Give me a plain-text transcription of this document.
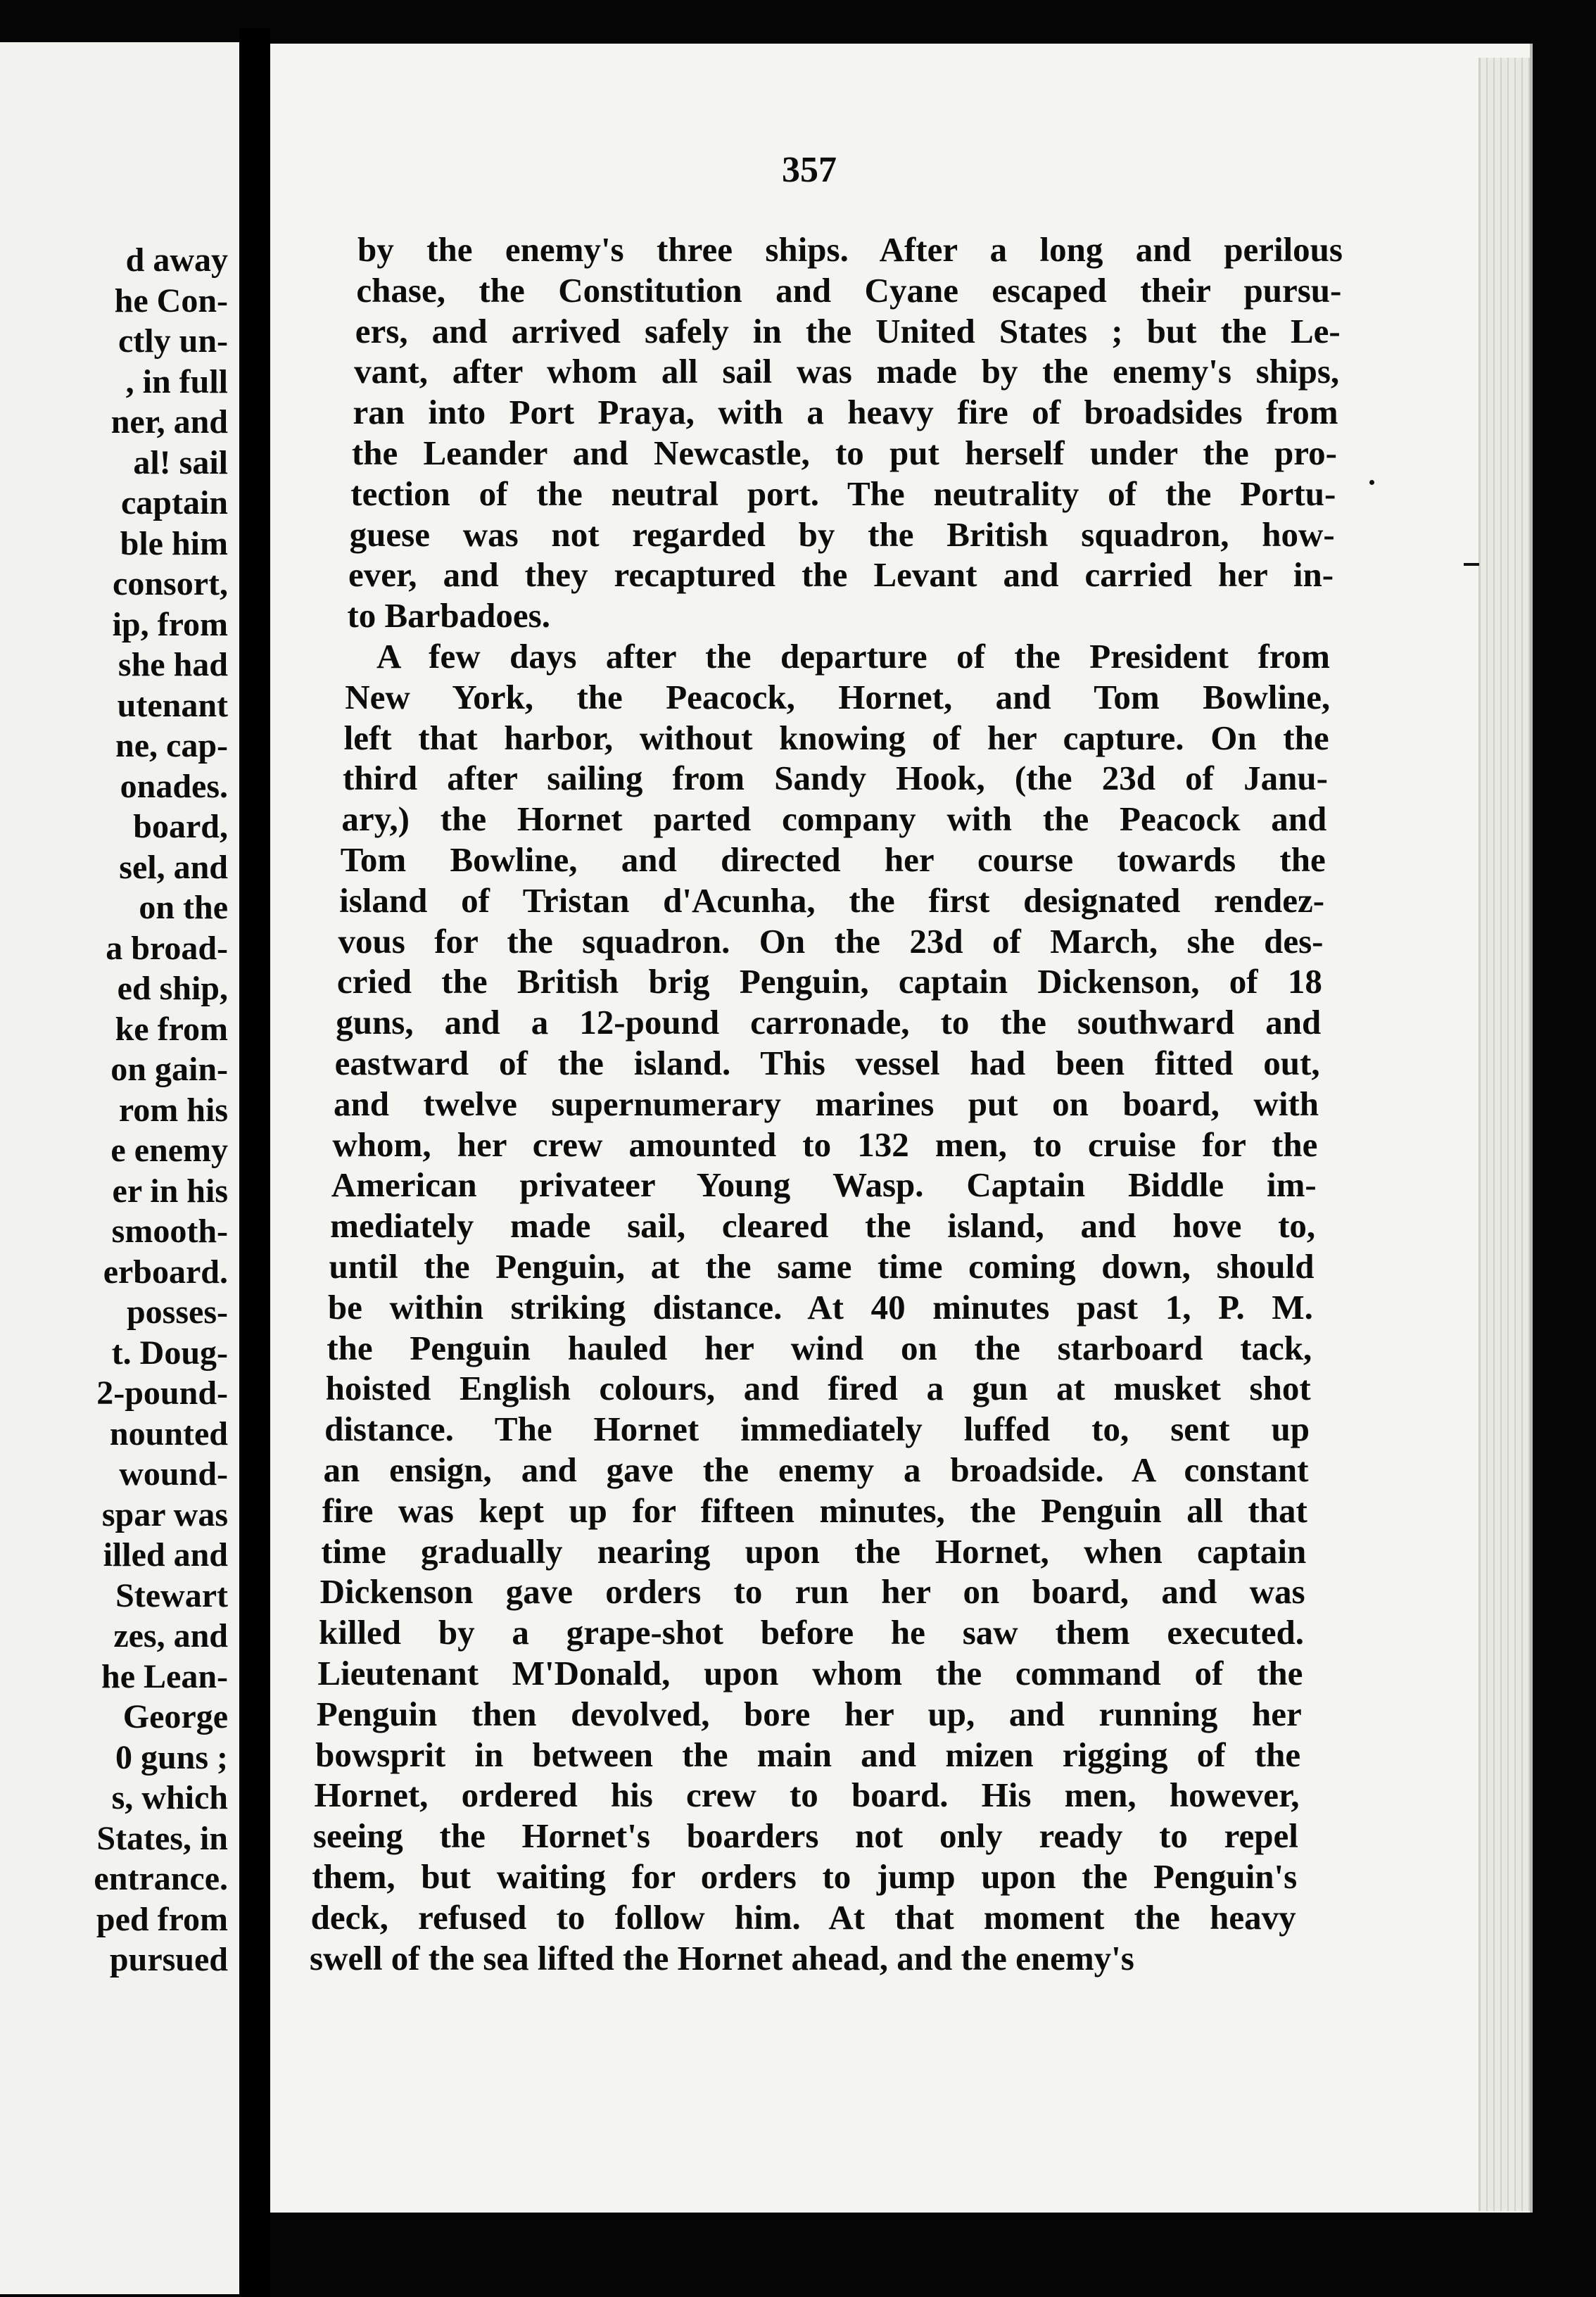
d away
he Con-
ctly un-
, in full
ner, and
al! sail
captain
ble him
consort,
ip, from
she had
utenant
ne, cap-
onades.
board,
sel, and
on the
a broad-
ed ship,
ke from
on gain-
rom his
e enemy
er in his
smooth-
erboard.
posses-
t. Doug-
2-pound-
nounted
wound-
spar was
illed and
Stewart
zes, and
he Lean-
George
0 guns ;
s, which
States, in
entrance.
ped from
pursued
357
by the enemy's three ships. After a long and perilous
chase, the Constitution and Cyane escaped their pursu-
ers, and arrived safely in the United States ; but the Le-
vant, after whom all sail was made by the enemy's ships,
ran into Port Praya, with a heavy fire of broadsides from
the Leander and Newcastle, to put herself under the pro-
tection of the neutral port. The neutrality of the Portu-
guese was not regarded by the British squadron, how-
ever, and they recaptured the Levant and carried her in-
to Barbadoes.
A few days after the departure of the President from
New York, the Peacock, Hornet, and Tom Bowline,
left that harbor, without knowing of her capture. On the
third after sailing from Sandy Hook, (the 23d of Janu-
ary,) the Hornet parted company with the Peacock and
Tom Bowline, and directed her course towards the
island of Tristan d'Acunha, the first designated rendez-
vous for the squadron. On the 23d of March, she des-
cried the British brig Penguin, captain Dickenson, of 18
guns, and a 12-pound carronade, to the southward and
eastward of the island. This vessel had been fitted out,
and twelve supernumerary marines put on board, with
whom, her crew amounted to 132 men, to cruise for the
American privateer Young Wasp. Captain Biddle im-
mediately made sail, cleared the island, and hove to,
until the Penguin, at the same time coming down, should
be within striking distance. At 40 minutes past 1, P. M.
the Penguin hauled her wind on the starboard tack,
hoisted English colours, and fired a gun at musket shot
distance. The Hornet immediately luffed to, sent up
an ensign, and gave the enemy a broadside. A constant
fire was kept up for fifteen minutes, the Penguin all that
time gradually nearing upon the Hornet, when captain
Dickenson gave orders to run her on board, and was
killed by a grape-shot before he saw them executed.
Lieutenant M'Donald, upon whom the command of the
Penguin then devolved, bore her up, and running her
bowsprit in between the main and mizen rigging of the
Hornet, ordered his crew to board. His men, however,
seeing the Hornet's boarders not only ready to repel
them, but waiting for orders to jump upon the Penguin's
deck, refused to follow him. At that moment the heavy
swell of the sea lifted the Hornet ahead, and the enemy's
